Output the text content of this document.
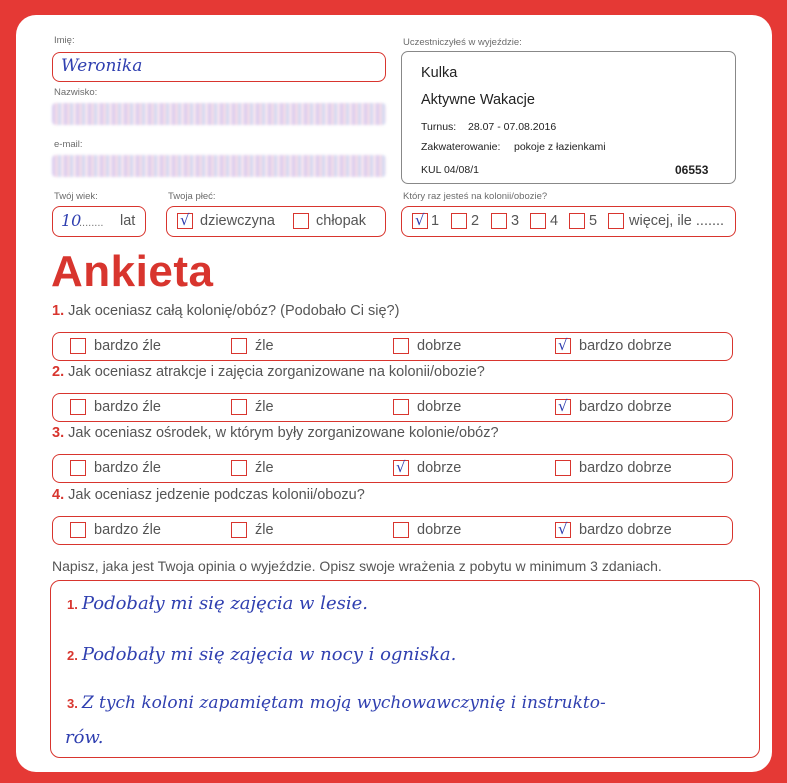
Imię:
Weronika
Nazwisko:
e-mail:
Twój wiek:
10
........ lat
Twoja płeć:
√ dziewczyna	chłopak
Uczestniczyłeś w wyjeździe:
Kulka
Aktywne Wakacje
Turnus: 28.07 - 07.08.2016
Zakwaterowanie: pokoje z łazienkami
KUL 04/08/1	06553
Który raz jesteś na kolonii/obozie?
√ 1 2 3 4 5 więcej, ile .......
Ankieta
1. Jak oceniasz całą kolonię/obóz? (Podobało Ci się?)
bardzo źle	źle	dobrze	√ bardzo dobrze
2. Jak oceniasz atrakcje i zajęcia zorganizowane na kolonii/obozie?
bardzo źle	źle	dobrze	√ bardzo dobrze
3. Jak oceniasz ośrodek, w którym były zorganizowane kolonie/obóz?
bardzo źle	źle	√ dobrze	bardzo dobrze
4. Jak oceniasz jedzenie podczas kolonii/obozu?
bardzo źle	źle	dobrze	√ bardzo dobrze
Napisz, jaka jest Twoja opinia o wyjeździe. Opisz swoje wrażenia z pobytu w minimum 3 zdaniach.
1. Podobały mi się zajęcia w lesie.
2. Podobały mi się zajęcia w nocy i ogniska.
3. Z tych koloni zapamiętam moją wychowawczynię i instrukto-
rów.
